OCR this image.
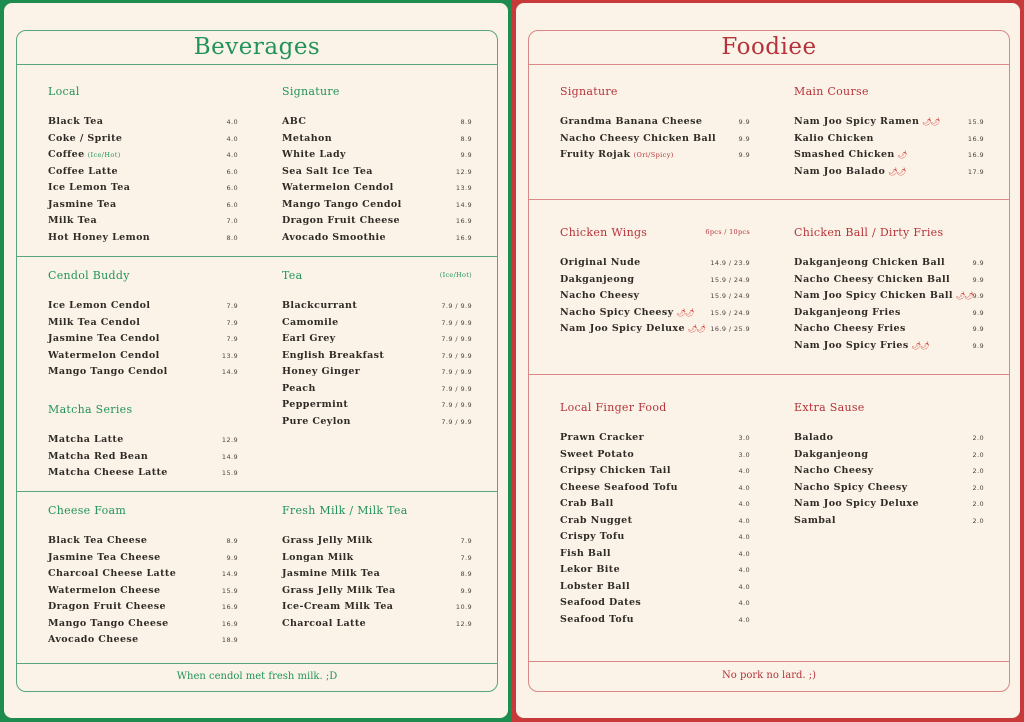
Beverages
Local
Black Tea	4.0
Coke / Sprite	4.0
Coffee (Ice/Hot)	4.0
Coffee Latte	6.0
Ice Lemon Tea	6.0
Jasmine Tea	6.0
Milk Tea	7.0
Hot Honey Lemon	8.0
Signature
ABC	8.9
Metahon	8.9
White Lady	9.9
Sea Salt Ice Tea	12.9
Watermelon Cendol	13.9
Mango Tango Cendol	14.9
Dragon Fruit Cheese	16.9
Avocado Smoothie	16.9
Cendol Buddy
Ice Lemon Cendol	7.9
Milk Tea Cendol	7.9
Jasmine Tea Cendol	7.9
Watermelon Cendol	13.9
Mango Tango Cendol	14.9
Tea	(Ice/Hot)
Blackcurrant	7.9 / 9.9
Camomile	7.9 / 9.9
Earl Grey	7.9 / 9.9
English Breakfast	7.9 / 9.9
Honey Ginger	7.9 / 9.9
Peach	7.9 / 9.9
Peppermint	7.9 / 9.9
Pure Ceylon	7.9 / 9.9
Matcha Series
Matcha Latte	12.9
Matcha Red Bean	14.9
Matcha Cheese Latte	15.9
Cheese Foam
Black Tea Cheese	8.9
Jasmine Tea Cheese	9.9
Charcoal Cheese Latte	14.9
Watermelon Cheese	15.9
Dragon Fruit Cheese	16.9
Mango Tango Cheese	16.9
Avocado Cheese	18.9
Fresh Milk / Milk Tea
Grass Jelly Milk	7.9
Longan Milk	7.9
Jasmine Milk Tea	8.9
Grass Jelly Milk Tea	9.9
Ice-Cream Milk Tea	10.9
Charcoal Latte	12.9
When cendol met fresh milk. ;D
Foodiee
Signature
Grandma Banana Cheese	9.9
Nacho Cheesy Chicken Ball	9.9
Fruity Rojak (Ori/Spicy)	9.9
Main Course
Nam Joo Spicy Ramen 🌶🌶	15.9
Kalio Chicken	16.9
Smashed Chicken 🌶	16.9
Nam Joo Balado 🌶🌶	17.9
Chicken Wings	6pcs / 10pcs
Original Nude	14.9 / 23.9
Dakganjeong	15.9 / 24.9
Nacho Cheesy	15.9 / 24.9
Nacho Spicy Cheesy 🌶🌶	15.9 / 24.9
Nam Joo Spicy Deluxe 🌶🌶 16.9 / 25.9
Chicken Ball / Dirty Fries
Dakganjeong Chicken Ball	9.9
Nacho Cheesy Chicken Ball	9.9
Nam Joo Spicy Chicken Ball 🌶🌶 9.9
Dakganjeong Fries	9.9
Nacho Cheesy Fries	9.9
Nam Joo Spicy Fries 🌶🌶	9.9
Local Finger Food
Prawn Cracker	3.0
Sweet Potato	3.0
Cripsy Chicken Tail	4.0
Cheese Seafood Tofu	4.0
Crab Ball	4.0
Crab Nugget	4.0
Crispy Tofu	4.0
Fish Ball	4.0
Lekor Bite	4.0
Lobster Ball	4.0
Seafood Dates	4.0
Seafood Tofu	4.0
Extra Sause
Balado	2.0
Dakganjeong	2.0
Nacho Cheesy	2.0
Nacho Spicy Cheesy	2.0
Nam Joo Spicy Deluxe	2.0
Sambal	2.0
No pork no lard. ;)
